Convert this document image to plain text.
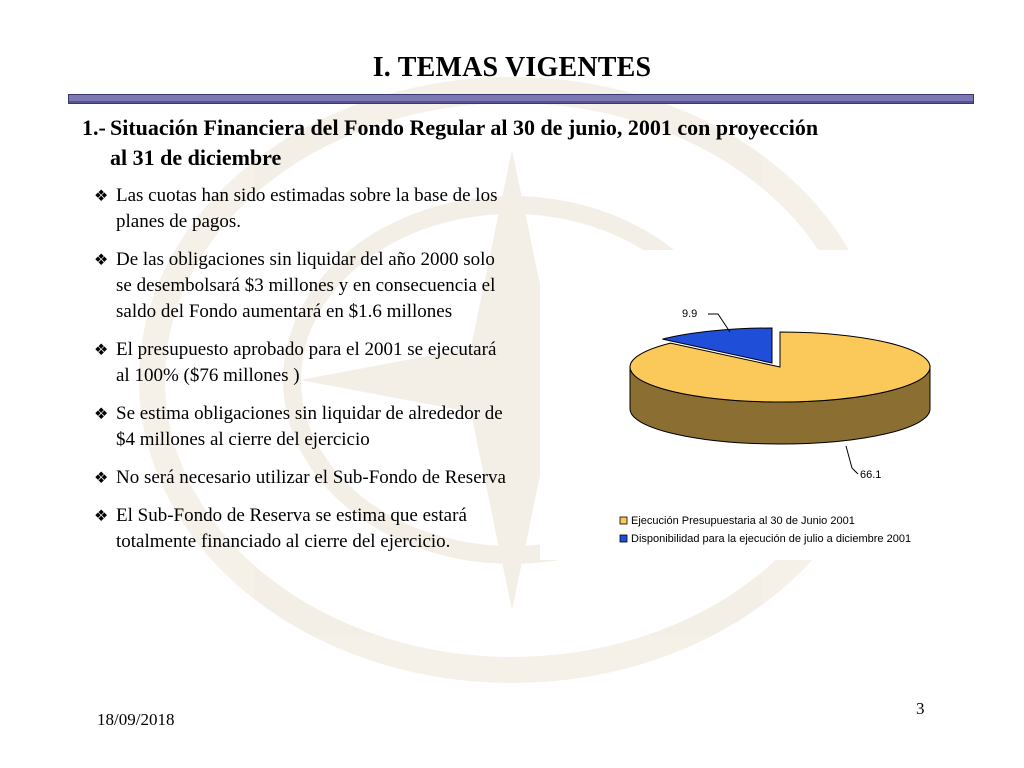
I. TEMAS VIGENTES
1.- Situación Financiera del Fondo Regular al 30 de junio, 2001 con proyección
al 31 de diciembre
❖ Las cuotas han sido estimadas sobre la base de los planes de pagos.
❖ De las obligaciones sin liquidar del año 2000 solo se desembolsará $3 millones y en consecuencia el saldo del Fondo aumentará en $1.6 millones
❖ El presupuesto aprobado para el 2001 se ejecutará al 100% ($76 millones )
❖ Se estima obligaciones sin liquidar de alrededor de $4 millones al cierre del ejercicio
❖ No será necesario utilizar el Sub-Fondo de Reserva
❖ El Sub-Fondo de Reserva se estima que estará totalmente financiado al cierre del ejercicio.
9.9
66.1
Ejecución Presupuestaria al 30 de Junio 2001
Disponibilidad para la ejecución de julio a diciembre 2001
18/09/2018
3
